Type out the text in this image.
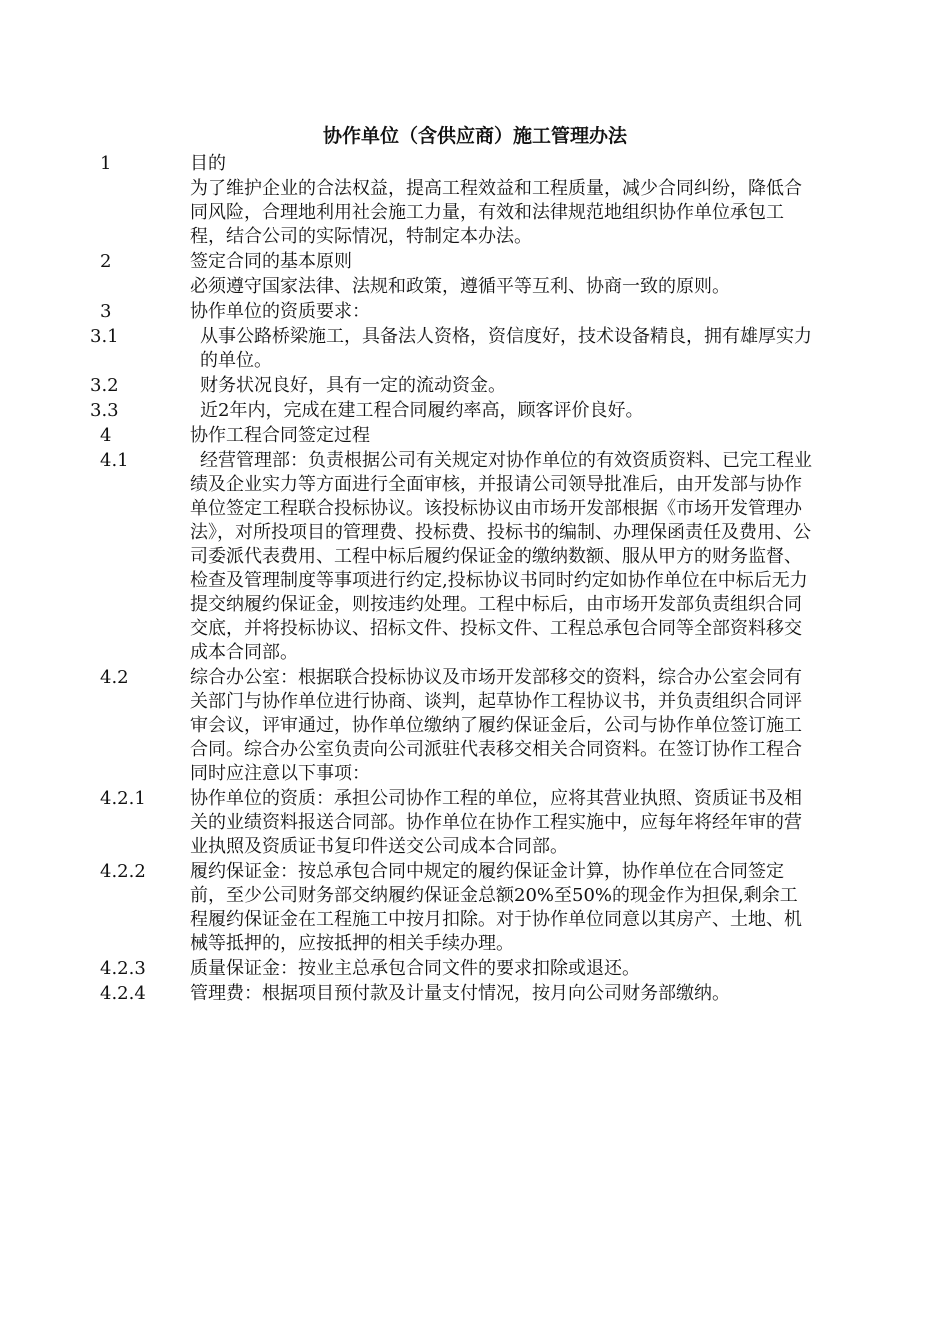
协作单位（含供应商）施工管理办法
1	目的
为了维护企业的合法权益，提高工程效益和工程质量，减少合同纠纷，降低合同风险，合理地利用社会施工力量，有效和法律规范地组织协作单位承包工程，结合公司的实际情况，特制定本办法。
2	签定合同的基本原则
必须遵守国家法律、法规和政策，遵循平等互利、协商一致的原则。
3	协作单位的资质要求：
3.1	从事公路桥梁施工，具备法人资格，资信度好，技术设备精良，拥有雄厚实力的单位。
3.2	财务状况良好，具有一定的流动资金。
3.3	近2年内，完成在建工程合同履约率高，顾客评价良好。
4	协作工程合同签定过程
4.1	经营管理部：负责根据公司有关规定对协作单位的有效资质资料、已完工程业绩及企业实力等方面进行全面审核，并报请公司领导批准后，由开发部与协作单位签定工程联合投标协议。该投标协议由市场开发部根据《市场开发管理办法》，对所投项目的管理费、投标费、投标书的编制、办理保函责任及费用、公司委派代表费用、工程中标后履约保证金的缴纳数额、服从甲方的财务监督、检查及管理制度等事项进行约定,投标协议书同时约定如协作单位在中标后无力提交纳履约保证金，则按违约处理。工程中标后，由市场开发部负责组织合同交底，并将投标协议、招标文件、投标文件、工程总承包合同等全部资料移交成本合同部。
4.2	综合办公室：根据联合投标协议及市场开发部移交的资料，综合办公室会同有关部门与协作单位进行协商、谈判，起草协作工程协议书，并负责组织合同评审会议，评审通过，协作单位缴纳了履约保证金后，公司与协作单位签订施工合同。综合办公室负责向公司派驻代表移交相关合同资料。在签订协作工程合同时应注意以下事项：
4.2.1 协作单位的资质：承担公司协作工程的单位，应将其营业执照、资质证书及相关的业绩资料报送合同部。协作单位在协作工程实施中，应每年将经年审的营业执照及资质证书复印件送交公司成本合同部。
4.2.2 履约保证金：按总承包合同中规定的履约保证金计算，协作单位在合同签定前，至少公司财务部交纳履约保证金总额20%至50%的现金作为担保,剩余工程履约保证金在工程施工中按月扣除。对于协作单位同意以其房产、土地、机械等抵押的，应按抵押的相关手续办理。
4.2.3 质量保证金：按业主总承包合同文件的要求扣除或退还。
4.2.4 管理费：根据项目预付款及计量支付情况，按月向公司财务部缴纳。
